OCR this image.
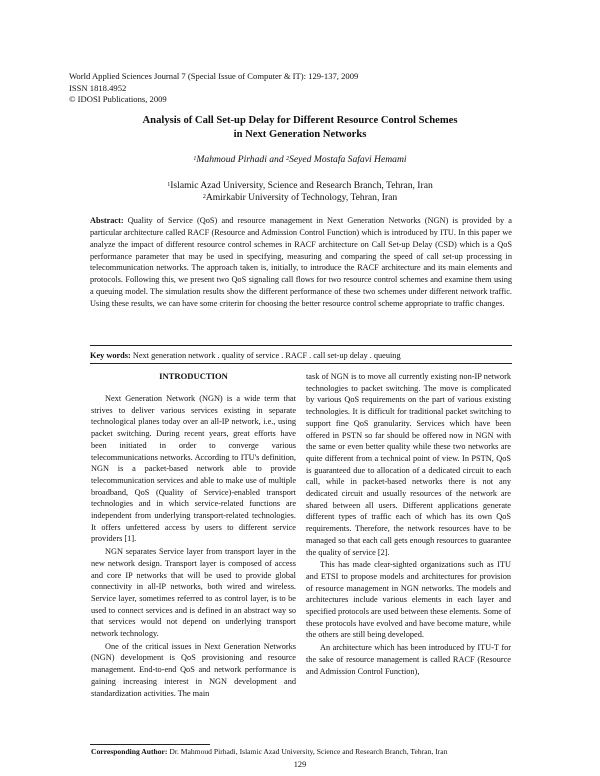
World Applied Sciences Journal 7 (Special Issue of Computer & IT): 129-137, 2009
ISSN 1818.4952
© IDOSI Publications, 2009
Analysis of Call Set-up Delay for Different Resource Control Schemes
in Next Generation Networks
$^1$Mahmoud Pirhadi and $^2$Seyed Mostafa Safavi Hemami
$^1$Islamic Azad University, Science and Research Branch, Tehran, Iran
$^2$Amirkabir University of Technology, Tehran, Iran
Abstract: Quality of Service (QoS) and resource management in Next Generation Networks (NGN) is provided by a particular architecture called RACF (Resource and Admission Control Function) which is introduced by ITU. In this paper we analyze the impact of different resource control schemes in RACF architecture on Call Set-up Delay (CSD) which is a QoS performance parameter that may be used in specifying, measuring and comparing the speed of call set-up processing in telecommunication networks. The approach taken is, initially, to introduce the RACF architecture and its main elements and protocols. Following this, we present two QoS signaling call flows for two resource control schemes and examine them using a queuing model. The simulation results show the different performance of these two schemes under different network traffic. Using these results, we can have some criterin for choosing the better resource control scheme appropriate to traffic changes.
Key words: Next generation network . quality of service . RACF . call set-up delay . queuing
INTRODUCTION

Next Generation Network (NGN) is a wide term that strives to deliver various services existing in separate technological planes today over an all-IP network, i.e., using packet switching. During recent years, great efforts have been initiated in order to converge various telecommunications networks. According to ITU's definition, NGN is a packet-based network able to provide telecommunication services and able to make use of multiple broadband, QoS (Quality of Service)-enabled transport technologies and in which service-related functions are independent from underlying transport-related technologies. It offers unfettered access by users to different service providers [1].

NGN separates Service layer from transport layer in the new network design. Transport layer is composed of access and core IP networks that will be used to provide global connectivity in all-IP networks, both wired and wireless. Service layer, sometimes referred to as control layer, is to be used to connect services and is defined in an abstract way so that services would not depend on underlying transport network technology.

One of the critical issues in Next Generation Networks (NGN) development is QoS provisioning and resource management. End-to-end QoS and network performance is gaining increasing interest in NGN development and standardization activities. The main

task of NGN is to move all currently existing non-IP network technologies to packet switching. The move is complicated by various QoS requirements on the part of various existing technologies. It is difficult for traditional packet switching to support fine QoS granularity. Services which have been offered in PSTN so far should be offered now in NGN with the same or even better quality while these two networks are quite different from a technical point of view. In PSTN, QoS is guaranteed due to allocation of a dedicated circuit to each call, while in packet-based networks there is not any dedicated circuit and usually resources of the network are shared between all users. Different applications generate different types of traffic each of which has its own QoS requirements. Therefore, the network resources have to be managed so that each call gets enough resources to guarantee the quality of service [2].

This has made clear-sighted organizations such as ITU and ETSI to propose models and architectures for provision of resource management in NGN networks. The models and architectures include various elements in each layer and specified protocols are used between these elements. Some of these protocols have evolved and have become mature, while the others are still being developed.

An architecture which has been introduced by ITU-T for the sake of resource management is called RACF (Resource and Admission Control Function),

Corresponding Author: Dr. Mahmoud Pirhadi, Islamic Azad University, Science and Research Branch, Tehran, Iran
129
